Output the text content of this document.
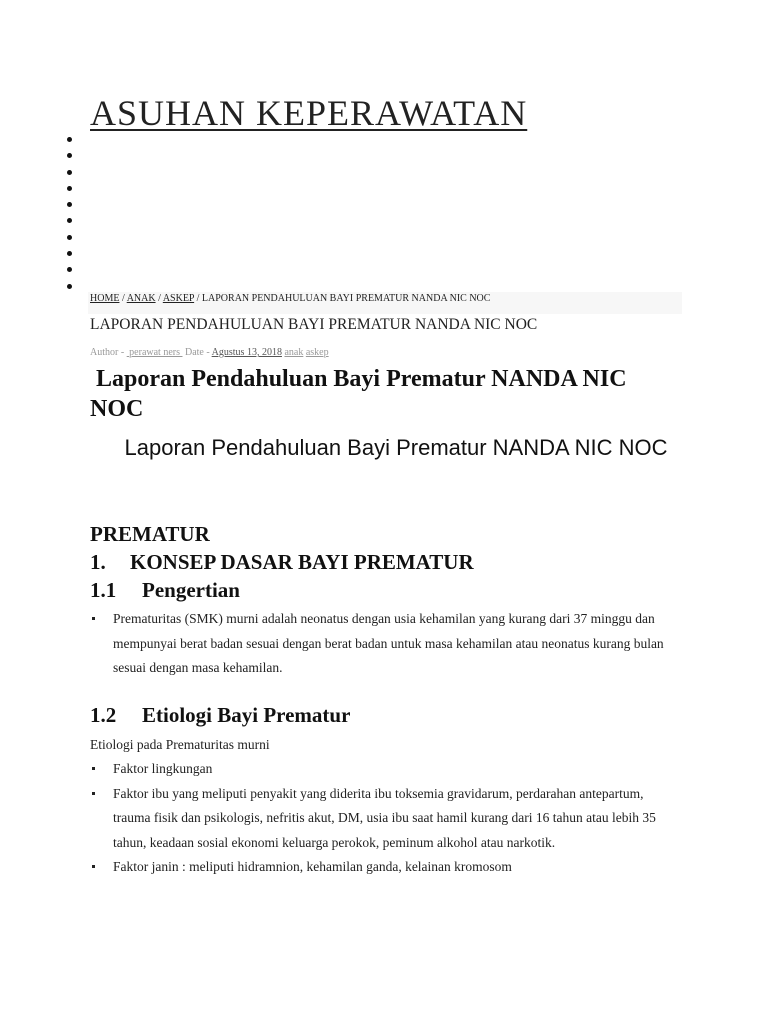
ASUHAN KEPERAWATAN
HOME / ANAK / ASKEP / LAPORAN PENDAHULUAN BAYI PREMATUR NANDA NIC NOC
LAPORAN PENDAHULUAN BAYI PREMATUR NANDA NIC NOC
Author - perawat ners Date - Agustus 13, 2018 anak askep
Laporan Pendahuluan Bayi Prematur NANDA NIC NOC
Laporan Pendahuluan Bayi Prematur NANDA NIC NOC
PREMATUR
1. KONSEP DASAR BAYI PREMATUR
1.1 Pengertian
Prematuritas (SMK) murni adalah neonatus dengan usia kehamilan yang kurang dari 37 minggu dan mempunyai berat badan sesuai dengan berat badan untuk masa kehamilan atau neonatus kurang bulan sesuai dengan masa kehamilan.
1.2 Etiologi Bayi Prematur
Etiologi pada Prematuritas murni
Faktor lingkungan
Faktor ibu yang meliputi penyakit yang diderita ibu toksemia gravidarum, perdarahan antepartum, trauma fisik dan psikologis, nefritis akut, DM, usia ibu saat hamil kurang dari 16 tahun atau lebih 35 tahun, keadaan sosial ekonomi keluarga perokok, peminum alkohol atau narkotik.
Faktor janin : meliputi hidramnion, kehamilan ganda, kelainan kromosom
